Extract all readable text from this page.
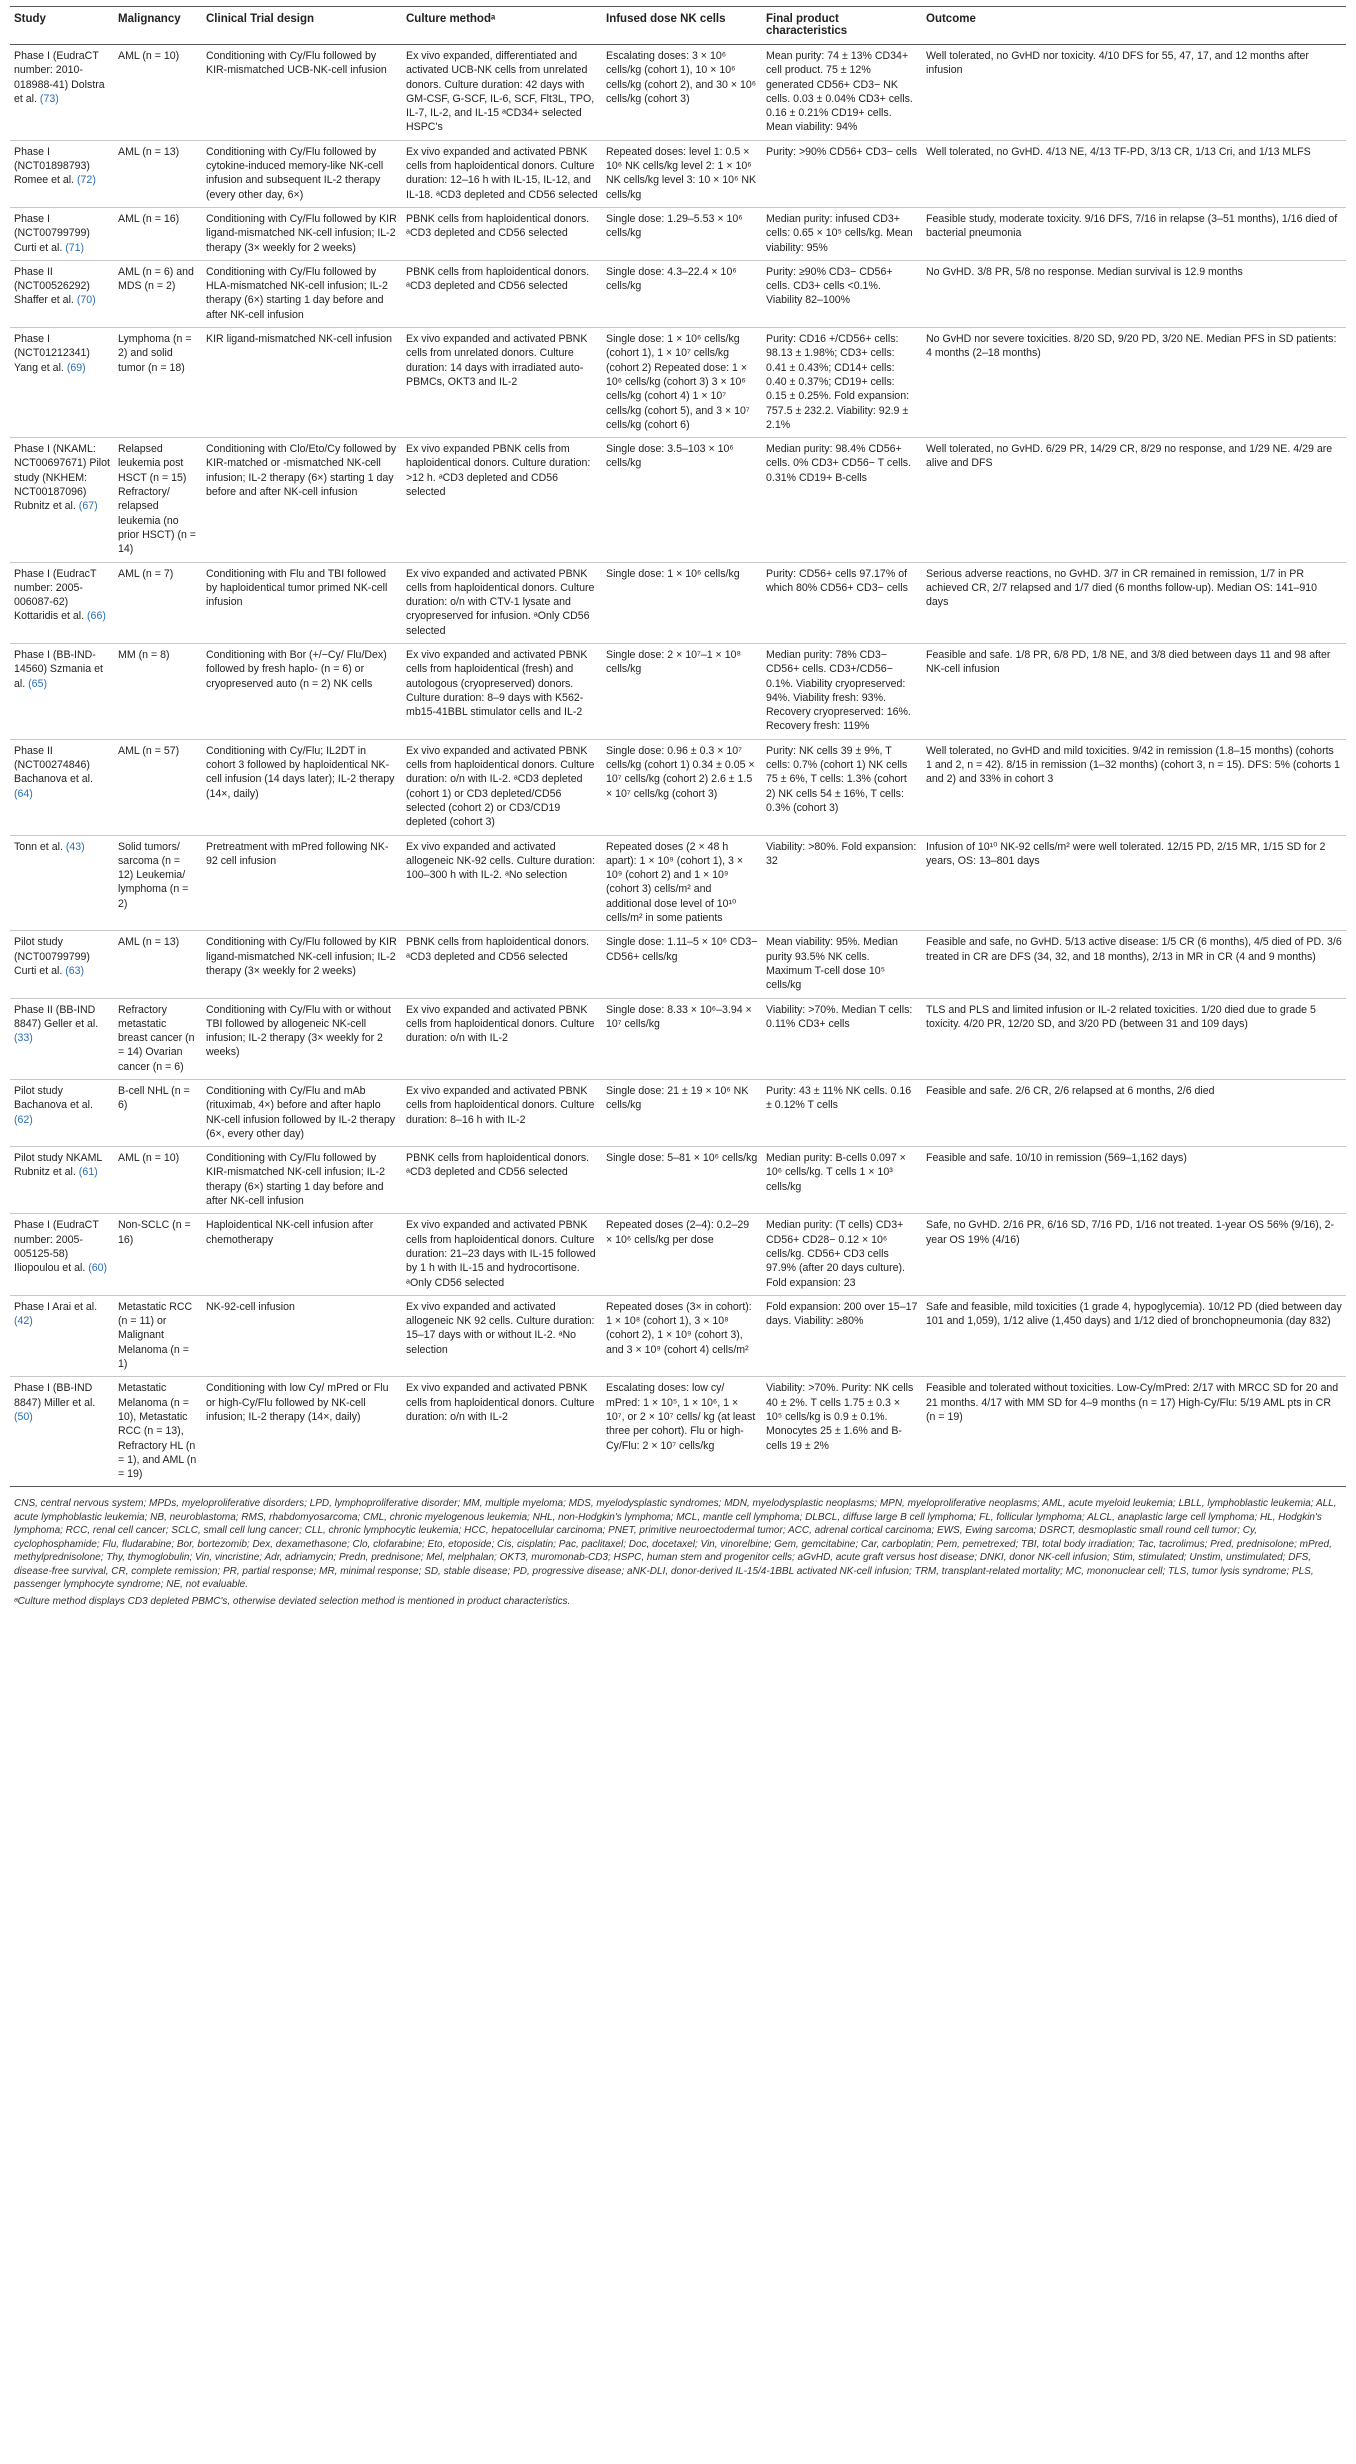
Study	Malignancy	Clinical Trial design	Culture methodᵃ	Infused dose NK cells	Final product characteristics	Outcome
Phase I (EudraCT number: 2010-018988-41) Dolstra et al. (73)	AML (n = 10)	Conditioning with Cy/Flu followed by KIR-mismatched UCB-NK-cell infusion	Ex vivo expanded, differentiated and activated UCB-NK cells from unrelated donors. Culture duration: 42 days with GM-CSF, G-SCF, IL-6, SCF, Flt3L, TPO, IL-7, IL-2, and IL-15 ᵃCD34+ selected HSPC's	Escalating doses: 3 × 10⁶ cells/kg (cohort 1), 10 × 10⁶ cells/kg (cohort 2), and 30 × 10⁶ cells/kg (cohort 3)	Mean purity: 74 ± 13% CD34+ cell product. 75 ± 12% generated CD56+ CD3− NK cells. 0.03 ± 0.04% CD3+ cells. 0.16 ± 0.21% CD19+ cells. Mean viability: 94%	Well tolerated, no GvHD nor toxicity. 4/10 DFS for 55, 47, 17, and 12 months after infusion
Phase I (NCT01898793) Romee et al. (72)	AML (n = 13)	Conditioning with Cy/Flu followed by cytokine-induced memory-like NK-cell infusion and subsequent IL-2 therapy (every other day, 6×)	Ex vivo expanded and activated PBNK cells from haploidentical donors. Culture duration: 12–16 h with IL-15, IL-12, and IL-18. ᵃCD3 depleted and CD56 selected	Repeated doses: level 1: 0.5 × 10⁶ NK cells/kg level 2: 1 × 10⁶ NK cells/kg level 3: 10 × 10⁶ NK cells/kg	Purity: >90% CD56+ CD3− cells	Well tolerated, no GvHD. 4/13 NE, 4/13 TF-PD, 3/13 CR, 1/13 Cri, and 1/13 MLFS
Phase I (NCT00799799) Curti et al. (71)	AML (n = 16)	Conditioning with Cy/Flu followed by KIR ligand-mismatched NK-cell infusion; IL-2 therapy (3× weekly for 2 weeks)	PBNK cells from haploidentical donors. ᵃCD3 depleted and CD56 selected	Single dose: 1.29–5.53 × 10⁶ cells/kg	Median purity: infused CD3+ cells: 0.65 × 10⁵ cells/kg. Mean viability: 95%	Feasible study, moderate toxicity. 9/16 DFS, 7/16 in relapse (3–51 months), 1/16 died of bacterial pneumonia
Phase II (NCT00526292) Shaffer et al. (70)	AML (n = 6) and MDS (n = 2)	Conditioning with Cy/Flu followed by HLA-mismatched NK-cell infusion; IL-2 therapy (6×) starting 1 day before and after NK-cell infusion	PBNK cells from haploidentical donors. ᵃCD3 depleted and CD56 selected	Single dose: 4.3–22.4 × 10⁶ cells/kg	Purity: ≥90% CD3− CD56+ cells. CD3+ cells <0.1%. Viability 82–100%	No GvHD. 3/8 PR, 5/8 no response. Median survival is 12.9 months
Phase I (NCT01212341) Yang et al. (69)	Lymphoma (n = 2) and solid tumor (n = 18)	KIR ligand-mismatched NK-cell infusion	Ex vivo expanded and activated PBNK cells from unrelated donors. Culture duration: 14 days with irradiated auto-PBMCs, OKT3 and IL-2	Single dose: 1 × 10⁶ cells/kg (cohort 1), 1 × 10⁷ cells/kg (cohort 2) Repeated dose: 1 × 10⁶ cells/kg (cohort 3) 3 × 10⁶ cells/kg (cohort 4) 1 × 10⁷ cells/kg (cohort 5), and 3 × 10⁷ cells/kg (cohort 6)	Purity: CD16 +/CD56+ cells: 98.13 ± 1.98%; CD3+ cells: 0.41 ± 0.43%; CD14+ cells: 0.40 ± 0.37%; CD19+ cells: 0.15 ± 0.25%. Fold expansion: 757.5 ± 232.2. Viability: 92.9 ± 2.1%	No GvHD nor severe toxicities. 8/20 SD, 9/20 PD, 3/20 NE. Median PFS in SD patients: 4 months (2–18 months)
Phase I (NKAML: NCT00697671) Pilot study (NKHEM: NCT00187096) Rubnitz et al. (67)	Relapsed leukemia post HSCT (n = 15) Refractory/ relapsed leukemia (no prior HSCT) (n = 14)	Conditioning with Clo/Eto/Cy followed by KIR-matched or -mismatched NK-cell infusion; IL-2 therapy (6×) starting 1 day before and after NK-cell infusion	Ex vivo expanded PBNK cells from haploidentical donors. Culture duration: >12 h. ᵃCD3 depleted and CD56 selected	Single dose: 3.5–103 × 10⁶ cells/kg	Median purity: 98.4% CD56+ cells. 0% CD3+ CD56− T cells. 0.31% CD19+ B-cells	Well tolerated, no GvHD. 6/29 PR, 14/29 CR, 8/29 no response, and 1/29 NE. 4/29 are alive and DFS
Phase I (EudracT number: 2005-006087-62) Kottaridis et al. (66)	AML (n = 7)	Conditioning with Flu and TBI followed by haploidentical tumor primed NK-cell infusion	Ex vivo expanded and activated PBNK cells from haploidentical donors. Culture duration: o/n with CTV-1 lysate and cryopreserved for infusion. ᵃOnly CD56 selected	Single dose: 1 × 10⁶ cells/kg	Purity: CD56+ cells 97.17% of which 80% CD56+ CD3− cells	Serious adverse reactions, no GvHD. 3/7 in CR remained in remission, 1/7 in PR achieved CR, 2/7 relapsed and 1/7 died (6 months follow-up). Median OS: 141–910 days
Phase I (BB-IND-14560) Szmania et al. (65)	MM (n = 8)	Conditioning with Bor (+/−Cy/ Flu/Dex) followed by fresh haplo- (n = 6) or cryopreserved auto (n = 2) NK cells	Ex vivo expanded and activated PBNK cells from haploidentical (fresh) and autologous (cryopreserved) donors. Culture duration: 8–9 days with K562-mb15-41BBL stimulator cells and IL-2	Single dose: 2 × 10⁷–1 × 10⁸ cells/kg	Median purity: 78% CD3− CD56+ cells. CD3+/CD56− 0.1%. Viability cryopreserved: 94%. Viability fresh: 93%. Recovery cryopreserved: 16%. Recovery fresh: 119%	Feasible and safe. 1/8 PR, 6/8 PD, 1/8 NE, and 3/8 died between days 11 and 98 after NK-cell infusion
Phase II (NCT00274846) Bachanova et al. (64)	AML (n = 57)	Conditioning with Cy/Flu; IL2DT in cohort 3 followed by haploidentical NK-cell infusion (14 days later); IL-2 therapy (14×, daily)	Ex vivo expanded and activated PBNK cells from haploidentical donors. Culture duration: o/n with IL-2. ᵃCD3 depleted (cohort 1) or CD3 depleted/CD56 selected (cohort 2) or CD3/CD19 depleted (cohort 3)	Single dose: 0.96 ± 0.3 × 10⁷ cells/kg (cohort 1) 0.34 ± 0.05 × 10⁷ cells/kg (cohort 2) 2.6 ± 1.5 × 10⁷ cells/kg (cohort 3)	Purity: NK cells 39 ± 9%, T cells: 0.7% (cohort 1) NK cells 75 ± 6%, T cells: 1.3% (cohort 2) NK cells 54 ± 16%, T cells: 0.3% (cohort 3)	Well tolerated, no GvHD and mild toxicities. 9/42 in remission (1.8–15 months) (cohorts 1 and 2, n = 42). 8/15 in remission (1–32 months) (cohort 3, n = 15). DFS: 5% (cohorts 1 and 2) and 33% in cohort 3
Tonn et al. (43)	Solid tumors/ sarcoma (n = 12) Leukemia/ lymphoma (n = 2)	Pretreatment with mPred following NK-92 cell infusion	Ex vivo expanded and activated allogeneic NK-92 cells. Culture duration: 100–300 h with IL-2. ᵃNo selection	Repeated doses (2 × 48 h apart): 1 × 10⁹ (cohort 1), 3 × 10⁹ (cohort 2) and 1 × 10⁹ (cohort 3) cells/m² and additional dose level of 10¹⁰ cells/m² in some patients	Viability: >80%. Fold expansion: 32	Infusion of 10¹⁰ NK-92 cells/m² were well tolerated. 12/15 PD, 2/15 MR, 1/15 SD for 2 years, OS: 13–801 days
Pilot study (NCT00799799) Curti et al. (63)	AML (n = 13)	Conditioning with Cy/Flu followed by KIR ligand-mismatched NK-cell infusion; IL-2 therapy (3× weekly for 2 weeks)	PBNK cells from haploidentical donors. ᵃCD3 depleted and CD56 selected	Single dose: 1.11–5 × 10⁶ CD3− CD56+ cells/kg	Mean viability: 95%. Median purity 93.5% NK cells. Maximum T-cell dose 10⁵ cells/kg	Feasible and safe, no GvHD. 5/13 active disease: 1/5 CR (6 months), 4/5 died of PD. 3/6 treated in CR are DFS (34, 32, and 18 months), 2/13 in MR in CR (4 and 9 months)
Phase II (BB-IND 8847) Geller et al. (33)	Refractory metastatic breast cancer (n = 14) Ovarian cancer (n = 6)	Conditioning with Cy/Flu with or without TBI followed by allogeneic NK-cell infusion; IL-2 therapy (3× weekly for 2 weeks)	Ex vivo expanded and activated PBNK cells from haploidentical donors. Culture duration: o/n with IL-2	Single dose: 8.33 × 10⁶–3.94 × 10⁷ cells/kg	Viability: >70%. Median T cells: 0.11% CD3+ cells	TLS and PLS and limited infusion or IL-2 related toxicities. 1/20 died due to grade 5 toxicity. 4/20 PR, 12/20 SD, and 3/20 PD (between 31 and 109 days)
Pilot study Bachanova et al. (62)	B-cell NHL (n = 6)	Conditioning with Cy/Flu and mAb (rituximab, 4×) before and after haplo NK-cell infusion followed by IL-2 therapy (6×, every other day)	Ex vivo expanded and activated PBNK cells from haploidentical donors. Culture duration: 8–16 h with IL-2	Single dose: 21 ± 19 × 10⁶ NK cells/kg	Purity: 43 ± 11% NK cells. 0.16 ± 0.12% T cells	Feasible and safe. 2/6 CR, 2/6 relapsed at 6 months, 2/6 died
Pilot study NKAML Rubnitz et al. (61)	AML (n = 10)	Conditioning with Cy/Flu followed by KIR-mismatched NK-cell infusion; IL-2 therapy (6×) starting 1 day before and after NK-cell infusion	PBNK cells from haploidentical donors. ᵃCD3 depleted and CD56 selected	Single dose: 5–81 × 10⁶ cells/kg	Median purity: B-cells 0.097 × 10⁶ cells/kg. T cells 1 × 10³ cells/kg	Feasible and safe. 10/10 in remission (569–1,162 days)
Phase I (EudraCT number: 2005-005125-58) Iliopoulou et al. (60)	Non-SCLC (n = 16)	Haploidentical NK-cell infusion after chemotherapy	Ex vivo expanded and activated PBNK cells from haploidentical donors. Culture duration: 21–23 days with IL-15 followed by 1 h with IL-15 and hydrocortisone. ᵃOnly CD56 selected	Repeated doses (2–4): 0.2–29 × 10⁶ cells/kg per dose	Median purity: (T cells) CD3+ CD56+ CD28− 0.12 × 10⁶ cells/kg. CD56+ CD3 cells 97.9% (after 20 days culture). Fold expansion: 23	Safe, no GvHD. 2/16 PR, 6/16 SD, 7/16 PD, 1/16 not treated. 1-year OS 56% (9/16), 2-year OS 19% (4/16)
Phase I Arai et al. (42)	Metastatic RCC (n = 11) or Malignant Melanoma (n = 1)	NK-92-cell infusion	Ex vivo expanded and activated allogeneic NK 92 cells. Culture duration: 15–17 days with or without IL-2. ᵃNo selection	Repeated doses (3× in cohort): 1 × 10⁸ (cohort 1), 3 × 10⁸ (cohort 2), 1 × 10⁹ (cohort 3), and 3 × 10⁹ (cohort 4) cells/m²	Fold expansion: 200 over 15–17 days. Viability: ≥80%	Safe and feasible, mild toxicities (1 grade 4, hypoglycemia). 10/12 PD (died between day 101 and 1,059), 1/12 alive (1,450 days) and 1/12 died of bronchopneumonia (day 832)
Phase I (BB-IND 8847) Miller et al. (50)	Metastatic Melanoma (n = 10), Metastatic RCC (n = 13), Refractory HL (n = 1), and AML (n = 19)	Conditioning with low Cy/ mPred or Flu or high-Cy/Flu followed by NK-cell infusion; IL-2 therapy (14×, daily)	Ex vivo expanded and activated PBNK cells from haploidentical donors. Culture duration: o/n with IL-2	Escalating doses: low cy/ mPred: 1 × 10⁵, 1 × 10⁶, 1 × 10⁷, or 2 × 10⁷ cells/ kg (at least three per cohort). Flu or high-Cy/Flu: 2 × 10⁷ cells/kg	Viability: >70%. Purity: NK cells 40 ± 2%. T cells 1.75 ± 0.3 × 10⁵ cells/kg is 0.9 ± 0.1%. Monocytes 25 ± 1.6% and B-cells 19 ± 2%	Feasible and tolerated without toxicities. Low-Cy/mPred: 2/17 with MRCC SD for 20 and 21 months. 4/17 with MM SD for 4–9 months (n = 17) High-Cy/Flu: 5/19 AML pts in CR (n = 19)

CNS, central nervous system; MPDs, myeloproliferative disorders; LPD, lymphoproliferative disorder; MM, multiple myeloma; MDS, myelodysplastic syndromes; MDN, myelodysplastic neoplasms; MPN, myeloproliferative neoplasms; AML, acute myeloid leukemia; LBLL, lymphoblastic leukemia; ALL, acute lymphoblastic leukemia; NB, neuroblastoma; RMS, rhabdomyosarcoma; CML, chronic myelogenous leukemia; NHL, non-Hodgkin's lymphoma; MCL, mantle cell lymphoma; DLBCL, diffuse large B cell lymphoma; FL, follicular lymphoma; ALCL, anaplastic large cell lymphoma; HL, Hodgkin's lymphoma; RCC, renal cell cancer; SCLC, small cell lung cancer; CLL, chronic lymphocytic leukemia; HCC, hepatocellular carcinoma; PNET, primitive neuroectodermal tumor; ACC, adrenal cortical carcinoma; EWS, Ewing sarcoma; DSRCT, desmoplastic small round cell tumor; Cy, cyclophosphamide; Flu, fludarabine; Bor, bortezomib; Dex, dexamethasone; Clo, clofarabine; Eto, etoposide; Cis, cisplatin; Pac, paclitaxel; Doc, docetaxel; Vin, vinorelbine; Gem, gemcitabine; Car, carboplatin; Pem, pemetrexed; TBI, total body irradiation; Tac, tacrolimus; Pred, prednisolone; mPred, methylprednisolone; Thy, thymoglobulin; Vin, vincristine; Adr, adriamycin; Predn, prednisone; Mel, melphalan; OKT3, muromonab-CD3; HSPC, human stem and progenitor cells; aGvHD, acute graft versus host disease; DNKI, donor NK-cell infusion; Stim, stimulated; Unstim, unstimulated; DFS, disease-free survival, CR, complete remission; PR, partial response; MR, minimal response; SD, stable disease; PD, progressive disease; aNK-DLI, donor-derived IL-15/4-1BBL activated NK-cell infusion; TRM, transplant-related mortality; MC, mononuclear cell; TLS, tumor lysis syndrome; PLS, passenger lymphocyte syndrome; NE, not evaluable.

ᵃCulture method displays CD3 depleted PBMC's, otherwise deviated selection method is mentioned in product characteristics.
